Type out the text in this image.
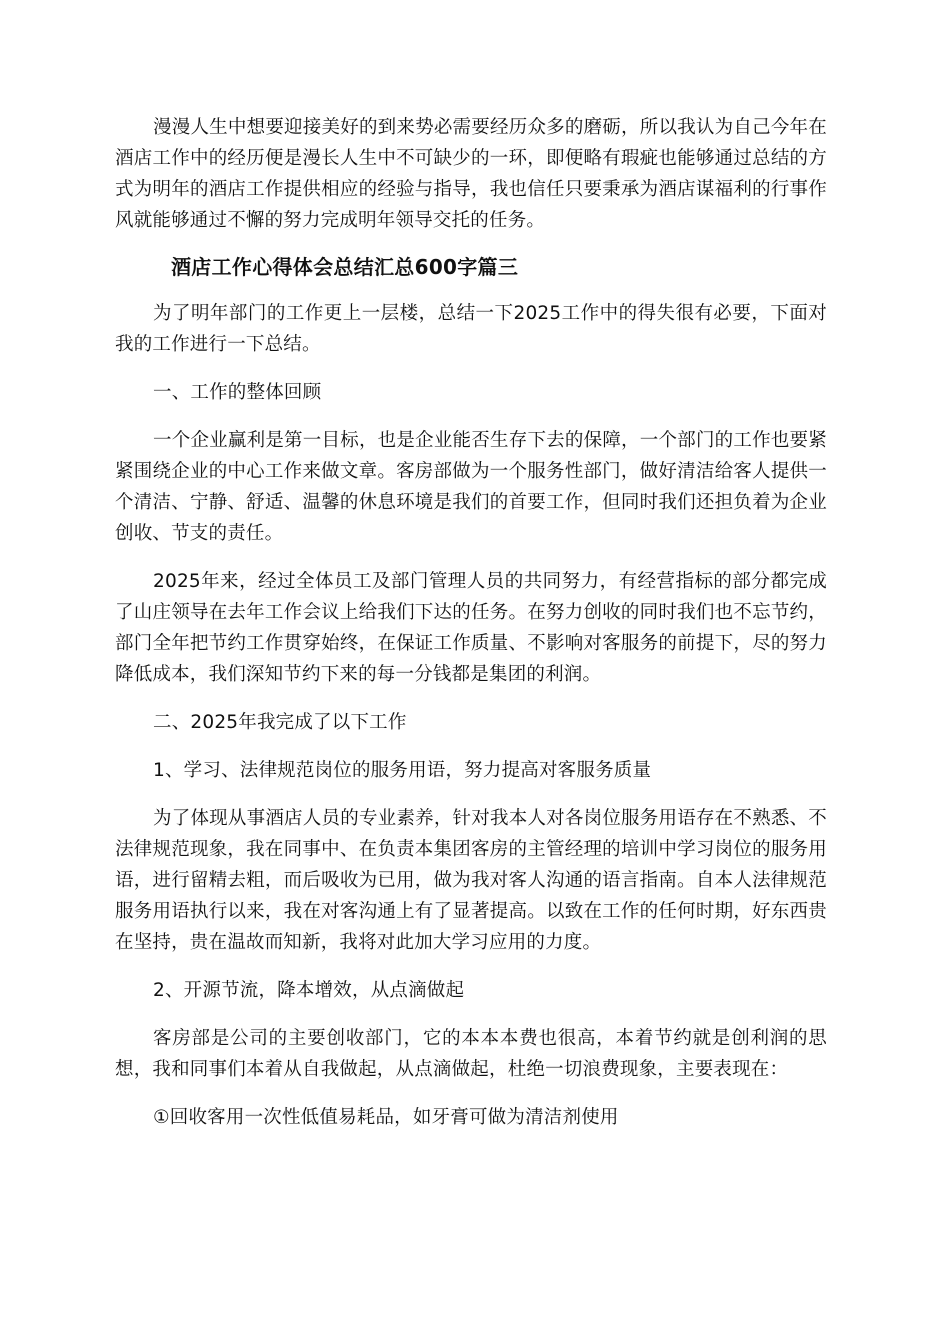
漫漫人生中想要迎接美好的到来势必需要经历众多的磨砺，所以我认为自己今年在酒店工作中的经历便是漫长人生中不可缺少的一环，即便略有瑕疵也能够通过总结的方式为明年的酒店工作提供相应的经验与指导，我也信任只要秉承为酒店谋福利的行事作风就能够通过不懈的努力完成明年领导交托的任务。

酒店工作心得体会总结汇总600字篇三

为了明年部门的工作更上一层楼，总结一下2025工作中的得失很有必要，下面对我的工作进行一下总结。

一、工作的整体回顾

一个企业赢利是第一目标，也是企业能否生存下去的保障，一个部门的工作也要紧紧围绕企业的中心工作来做文章。客房部做为一个服务性部门，做好清洁给客人提供一个清洁、宁静、舒适、温馨的休息环境是我们的首要工作，但同时我们还担负着为企业创收、节支的责任。

2025年来，经过全体员工及部门管理人员的共同努力，有经营指标的部分都完成了山庄领导在去年工作会议上给我们下达的任务。在努力创收的同时我们也不忘节约，部门全年把节约工作贯穿始终，在保证工作质量、不影响对客服务的前提下，尽的努力降低成本，我们深知节约下来的每一分钱都是集团的利润。

二、2025年我完成了以下工作

1、学习、法律规范岗位的服务用语，努力提高对客服务质量

为了体现从事酒店人员的专业素养，针对我本人对各岗位服务用语存在不熟悉、不法律规范现象，我在同事中、在负责本集团客房的主管经理的培训中学习岗位的服务用语，进行留精去粗，而后吸收为已用，做为我对客人沟通的语言指南。自本人法律规范服务用语执行以来，我在对客沟通上有了显著提高。以致在工作的任何时期，好东西贵在坚持，贵在温故而知新，我将对此加大学习应用的力度。

2、开源节流，降本增效，从点滴做起

客房部是公司的主要创收部门，它的本本本费也很高，本着节约就是创利润的思想，我和同事们本着从自我做起，从点滴做起，杜绝一切浪费现象，主要表现在：

①回收客用一次性低值易耗品，如牙膏可做为清洁剂使用
